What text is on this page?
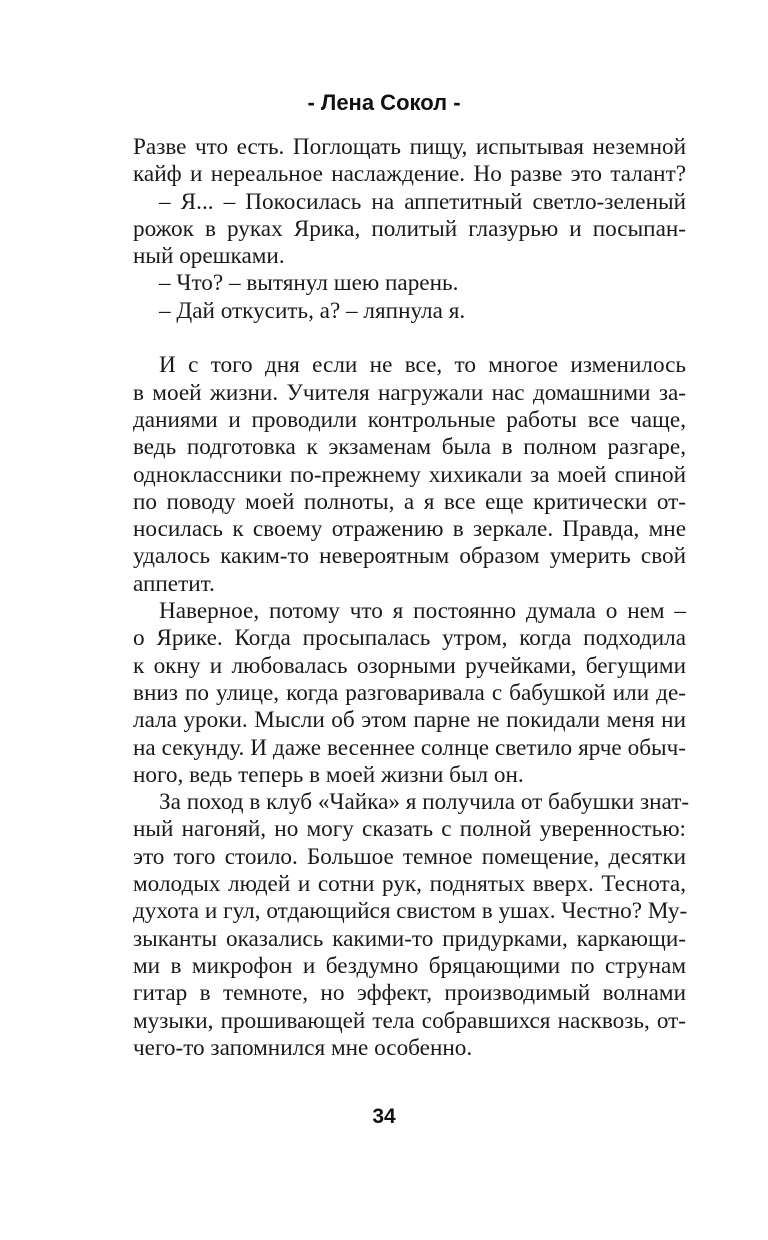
- Лена Сокол -
Разве что есть. Поглощать пищу, испытывая неземной
кайф и нереальное наслаждение. Но разве это талант?
– Я... – Покосилась на аппетитный светло-зеленый
рожок в руках Ярика, политый глазурью и посыпан-
ный орешками.
– Что? – вытянул шею парень.
– Дай откусить, а? – ляпнула я.
И с того дня если не все, то многое изменилось
в моей жизни. Учителя нагружали нас домашними за-
даниями и проводили контрольные работы все чаще,
ведь подготовка к экзаменам была в полном разгаре,
одноклассники по-прежнему хихикали за моей спиной
по поводу моей полноты, а я все еще критически от-
носилась к своему отражению в зеркале. Правда, мне
удалось каким-то невероятным образом умерить свой
аппетит.
Наверное, потому что я постоянно думала о нем –
о Ярике. Когда просыпалась утром, когда подходила
к окну и любовалась озорными ручейками, бегущими
вниз по улице, когда разговаривала с бабушкой или де-
лала уроки. Мысли об этом парне не покидали меня ни
на секунду. И даже весеннее солнце светило ярче обыч-
ного, ведь теперь в моей жизни был он.
За поход в клуб «Чайка» я получила от бабушки знат-
ный нагоняй, но могу сказать с полной уверенностью:
это того стоило. Большое темное помещение, десятки
молодых людей и сотни рук, поднятых вверх. Теснота,
духота и гул, отдающийся свистом в ушах. Честно? Му-
зыканты оказались какими-то придурками, каркающи-
ми в микрофон и бездумно бряцающими по струнам
гитар в темноте, но эффект, производимый волнами
музыки, прошивающей тела собравшихся насквозь, от-
чего-то запомнился мне особенно.
34
